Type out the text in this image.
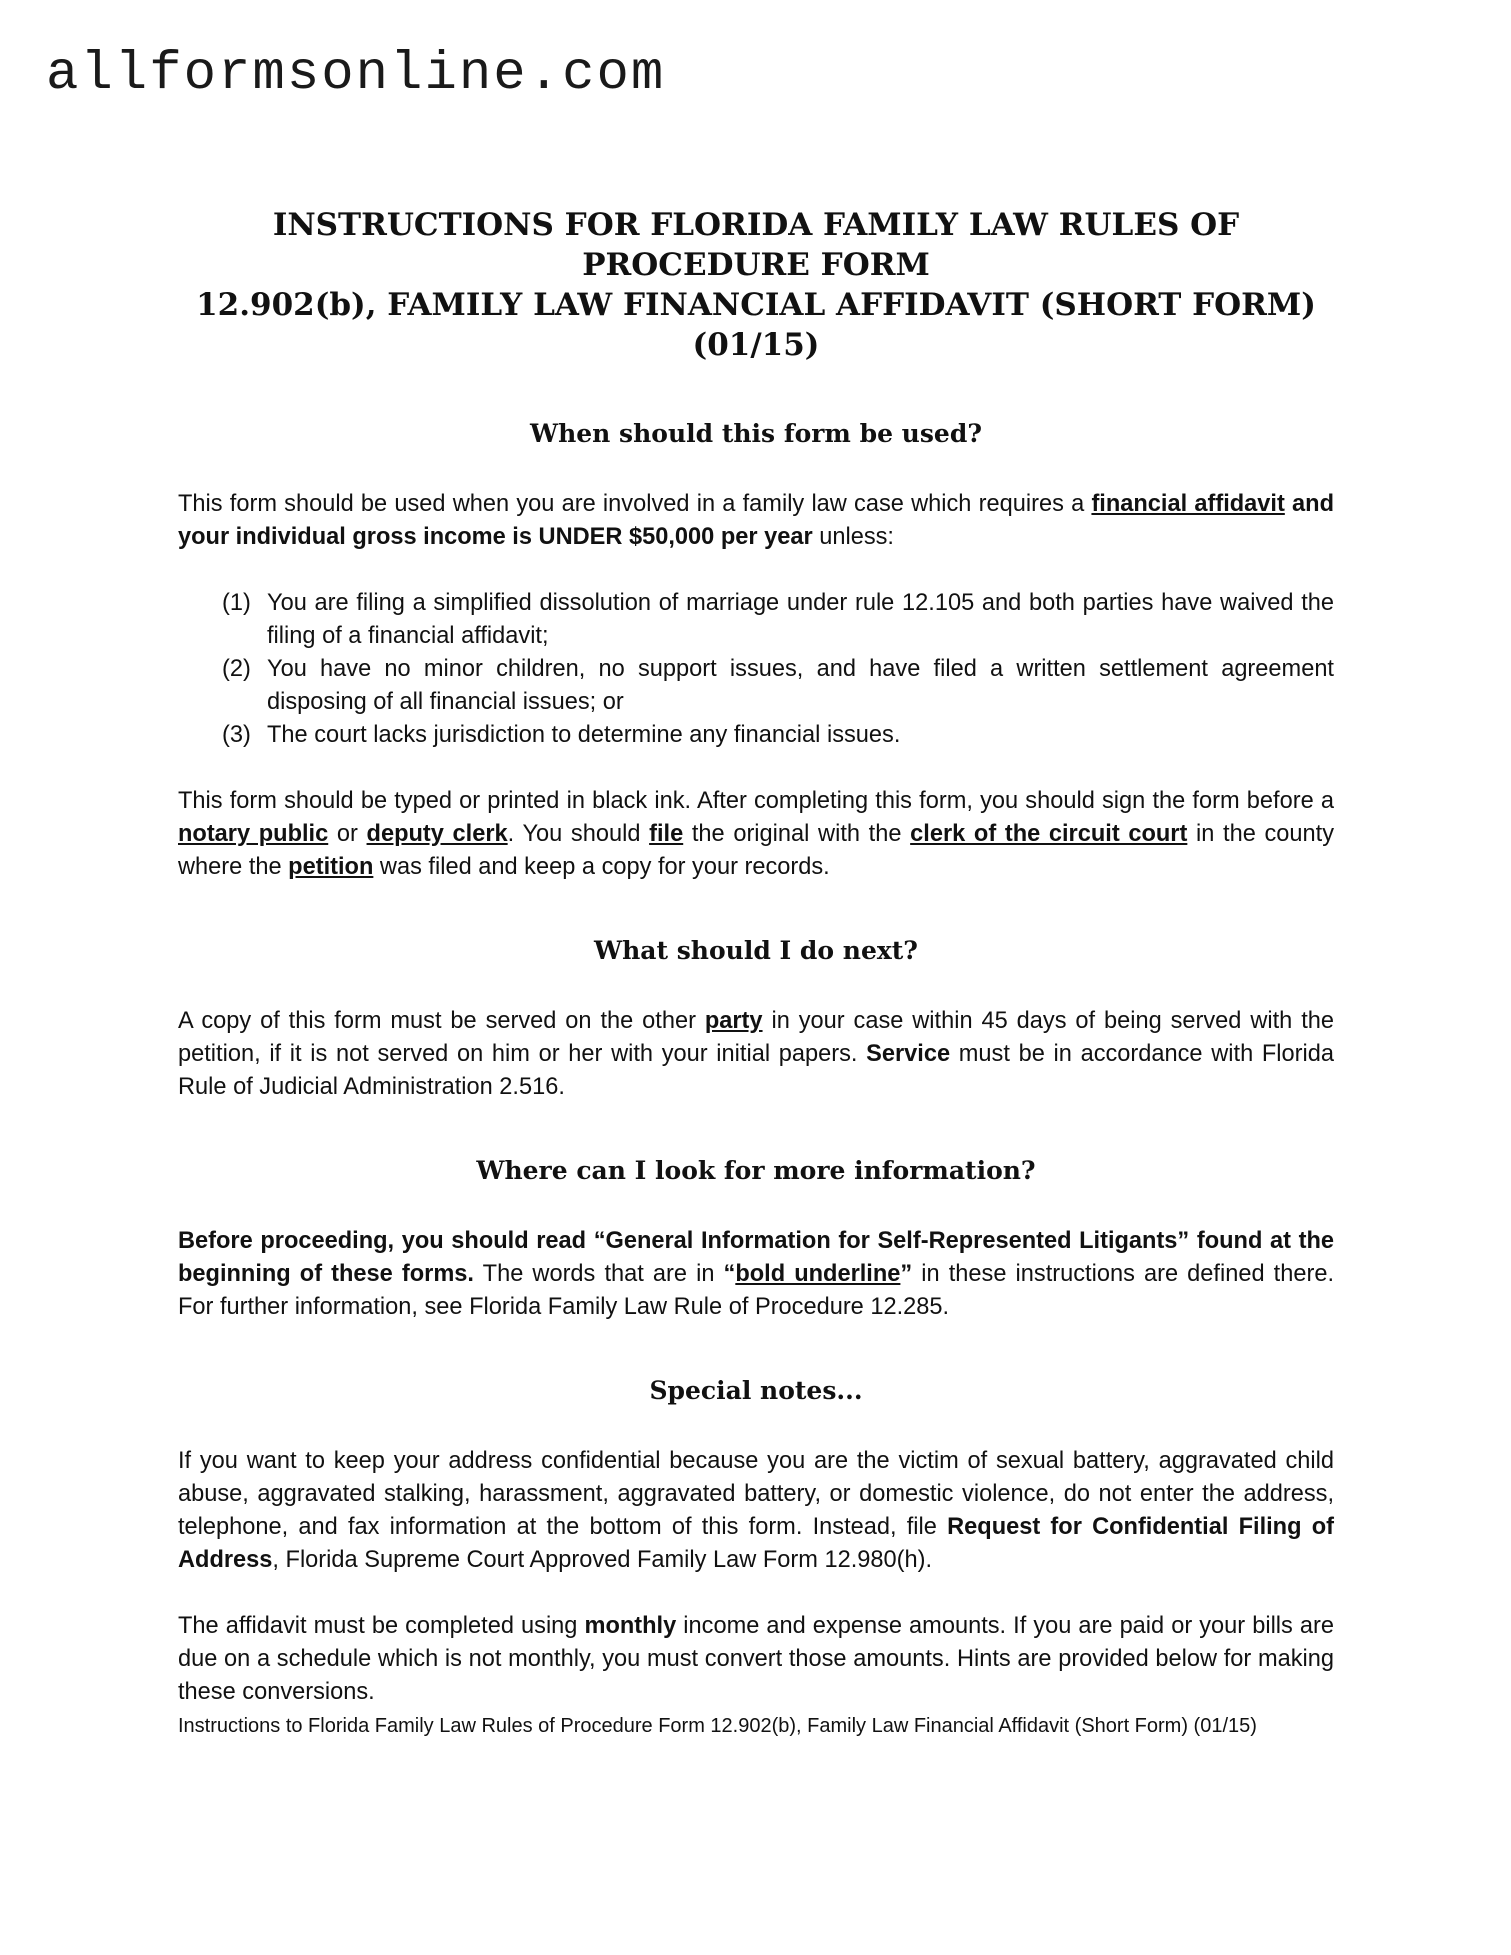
allformsonline.com
INSTRUCTIONS FOR FLORIDA FAMILY LAW RULES OF PROCEDURE FORM
12.902(b), FAMILY LAW FINANCIAL AFFIDAVIT (SHORT FORM) (01/15)
When should this form be used?

This form should be used when you are involved in a family law case which requires a financial affidavit and your individual gross income is UNDER $50,000 per year unless:

(1) You are filing a simplified dissolution of marriage under rule 12.105 and both parties have waived the filing of a financial affidavit;
(2) You have no minor children, no support issues, and have filed a written settlement agreement disposing of all financial issues; or
(3) The court lacks jurisdiction to determine any financial issues.

This form should be typed or printed in black ink. After completing this form, you should sign the form before a notary public or deputy clerk. You should file the original with the clerk of the circuit court in the county where the petition was filed and keep a copy for your records.

What should I do next?

A copy of this form must be served on the other party in your case within 45 days of being served with the petition, if it is not served on him or her with your initial papers. Service must be in accordance with Florida Rule of Judicial Administration 2.516.

Where can I look for more information?

Before proceeding, you should read “General Information for Self-Represented Litigants” found at the beginning of these forms. The words that are in “bold underline” in these instructions are defined there. For further information, see Florida Family Law Rule of Procedure 12.285.

Special notes...

If you want to keep your address confidential because you are the victim of sexual battery, aggravated child abuse, aggravated stalking, harassment, aggravated battery, or domestic violence, do not enter the address, telephone, and fax information at the bottom of this form. Instead, file Request for Confidential Filing of Address, Florida Supreme Court Approved Family Law Form 12.980(h).

The affidavit must be completed using monthly income and expense amounts. If you are paid or your bills are due on a schedule which is not monthly, you must convert those amounts. Hints are provided below for making these conversions.

Instructions to Florida Family Law Rules of Procedure Form 12.902(b), Family Law Financial Affidavit (Short Form) (01/15)
